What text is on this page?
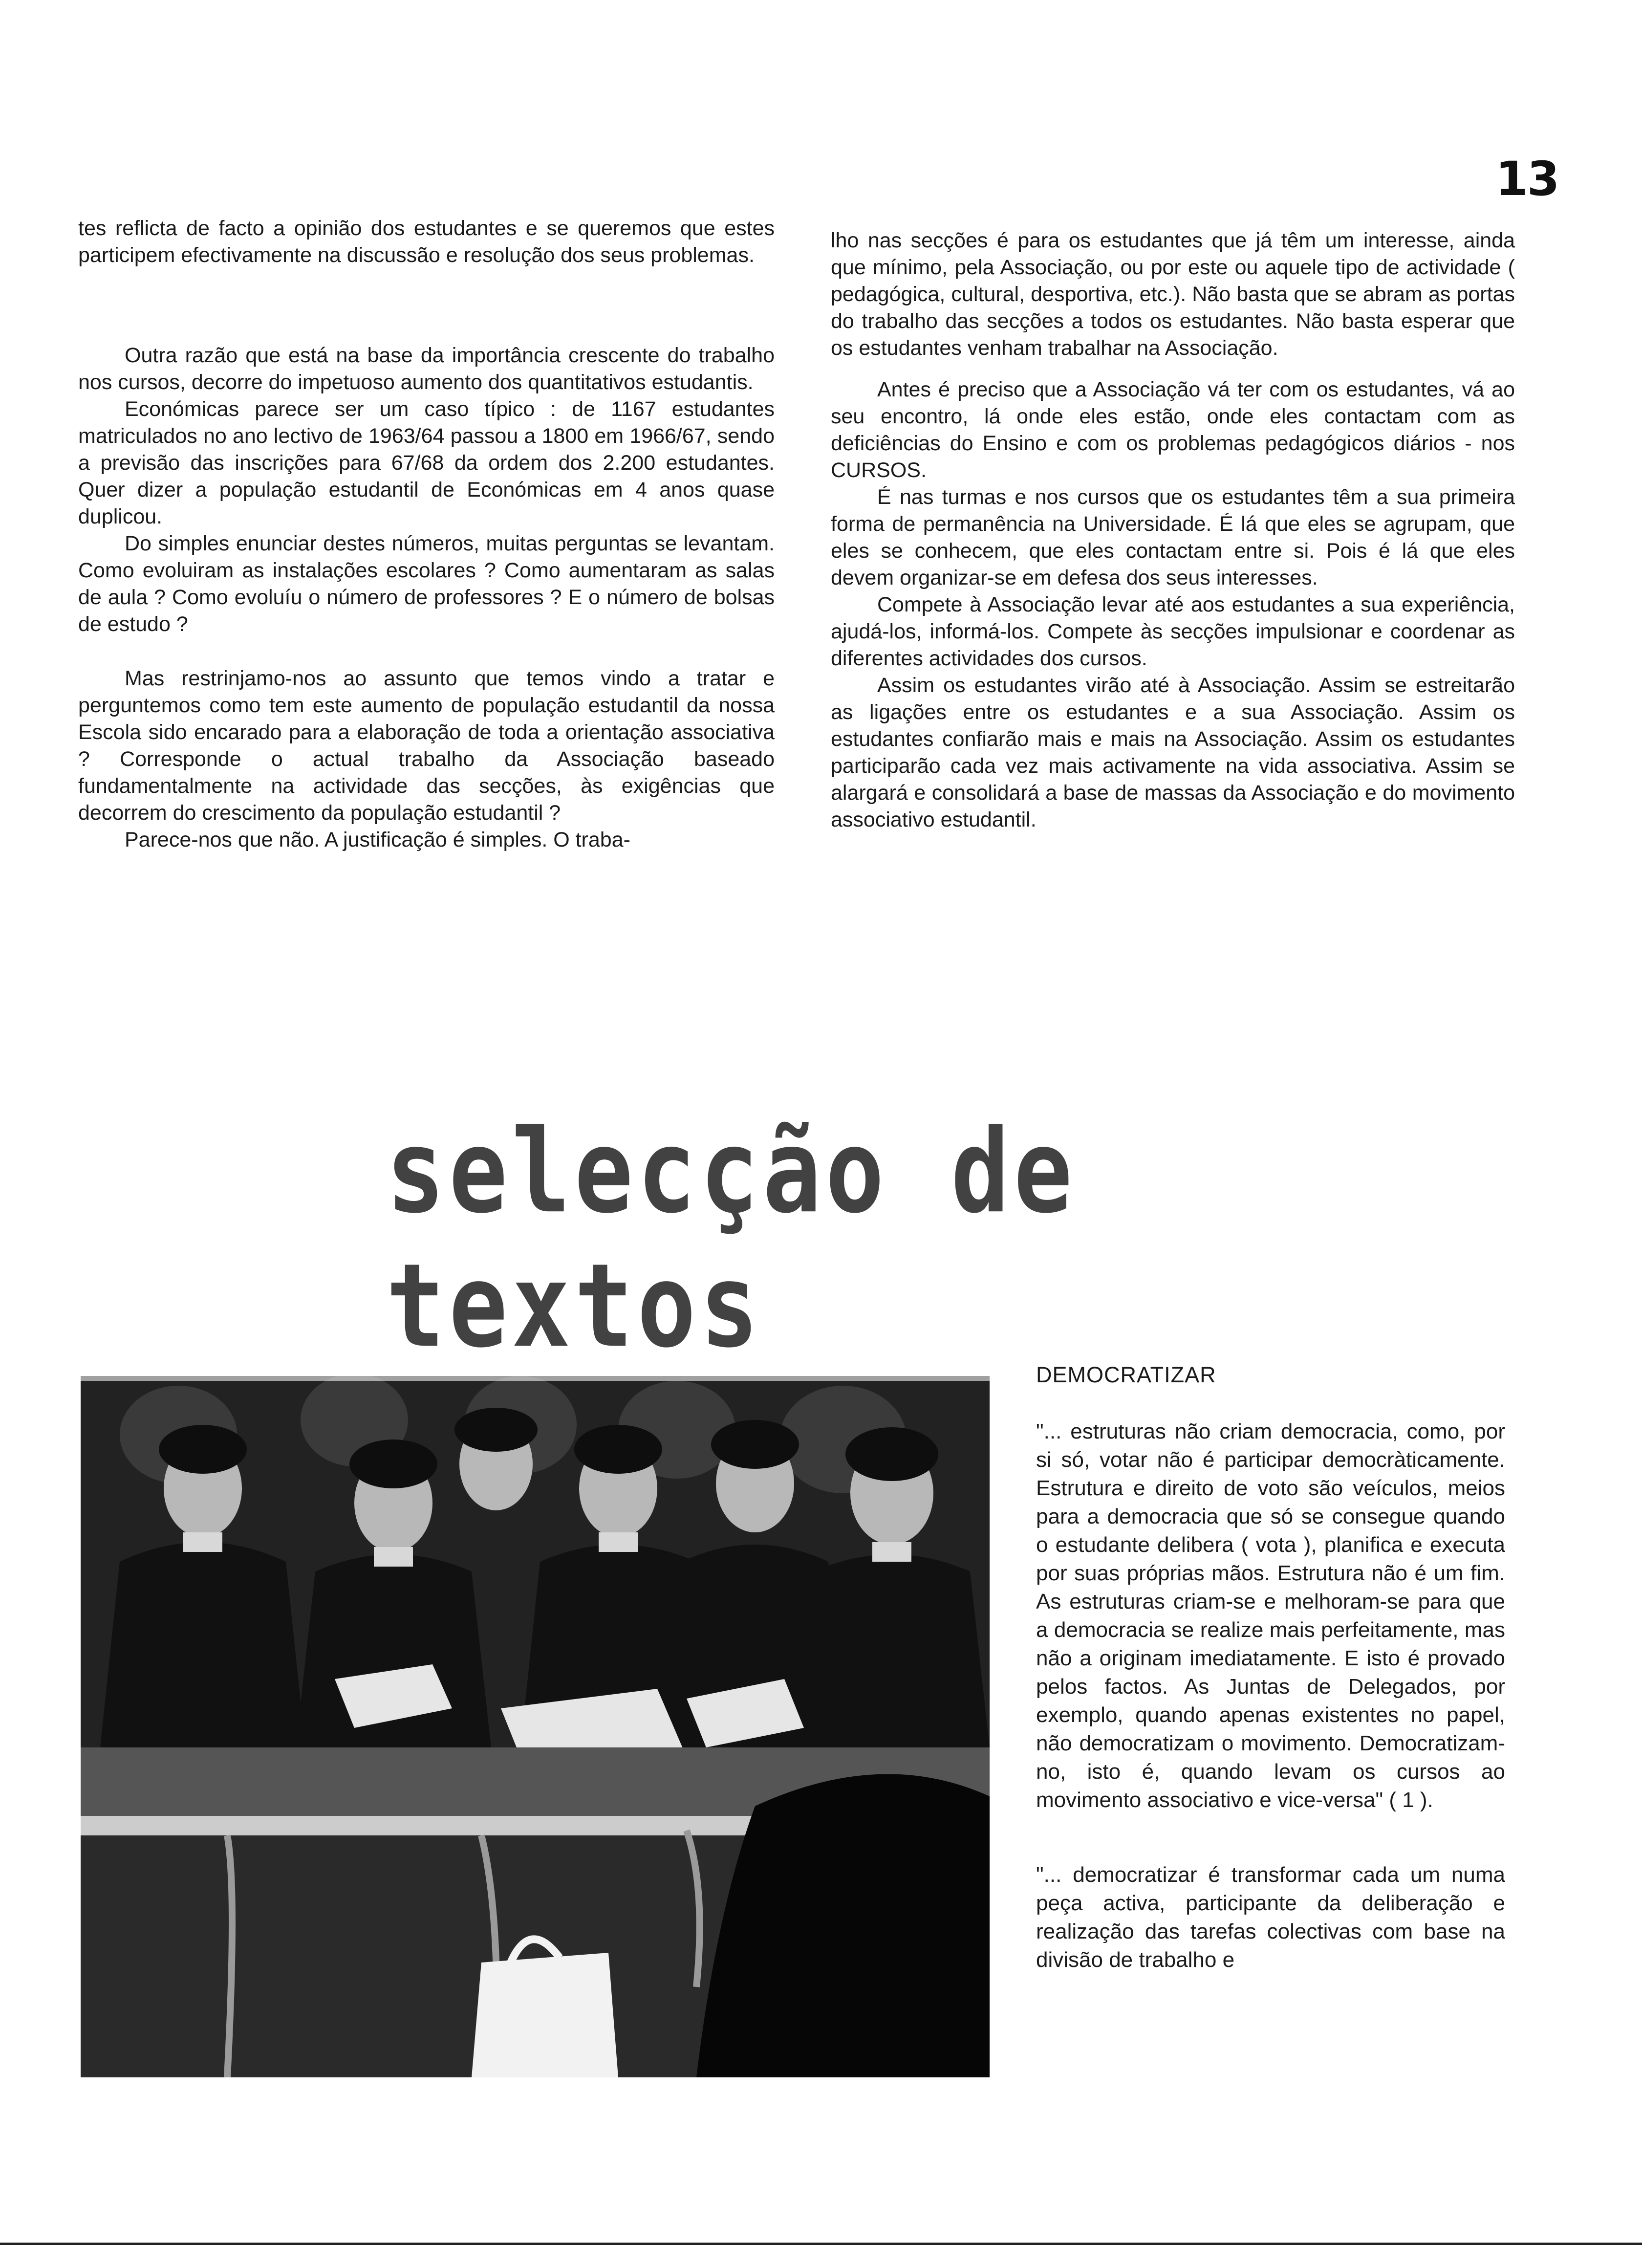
13

tes reflicta de facto a opinião dos estudantes e se queremos que estes participem efectivamente na discussão e resolução dos seus problemas.

Outra razão que está na base da importância crescente do trabalho nos cursos, decorre do impetuoso aumento dos quantitativos estudantis.

Económicas parece ser um caso típico : de 1167 estudantes matriculados no ano lectivo de 1963/64 passou a 1800 em 1966/67, sendo a previsão das inscrições para 67/68 da ordem dos 2.200 estudantes. Quer dizer a população estudantil de Económicas em 4 anos quase duplicou.

Do simples enunciar destes números, muitas perguntas se levantam. Como evoluiram as instalações escolares ? Como aumentaram as salas de aula ? Como evoluíu o número de professores ? E o número de bolsas de estudo ?

Mas restrinjamo-nos ao assunto que temos vindo a tratar e perguntemos como tem este aumento de população estudantil da nossa Escola sido encarado para a elaboração de toda a orientação associativa ? Corresponde o actual trabalho da Associação baseado fundamentalmente na actividade das secções, às exigências que decorrem do crescimento da população estudantil ?

Parece-nos que não. A justificação é simples. O traba-

lho nas secções é para os estudantes que já têm um interesse, ainda que mínimo, pela Associação, ou por este ou aquele tipo de actividade ( pedagógica, cultural, desportiva, etc.). Não basta que se abram as portas do trabalho das secções a todos os estudantes. Não basta esperar que os estudantes venham trabalhar na Associação.

Antes é preciso que a Associação vá ter com os estudantes, vá ao seu encontro, lá onde eles estão, onde eles contactam com as deficiências do Ensino e com os problemas pedagógicos diários - nos CURSOS.

É nas turmas e nos cursos que os estudantes têm a sua primeira forma de permanência na Universidade. É lá que eles se agrupam, que eles se conhecem, que eles contactam entre si. Pois é lá que eles devem organizar-se em defesa dos seus interesses.

Compete à Associação levar até aos estudantes a sua experiência, ajudá-los, informá-los. Compete às secções impulsionar e coordenar as diferentes actividades dos cursos.

Assim os estudantes virão até à Associação. Assim se estreitarão as ligações entre os estudantes e a sua Associação. Assim os estudantes confiarão mais e mais na Associação. Assim os estudantes participarão cada vez mais activamente na vida associativa. Assim se alargará e consolidará a base de massas da Associação e do movimento associativo estudantil.

selecção de textos
DEMOCRATIZAR

"... estruturas não criam democracia, como, por si só, votar não é participar democràticamente. Estrutura e direito de voto são veículos, meios para a democracia que só se consegue quando o estudante delibera ( vota ), planifica e executa por suas próprias mãos. Estrutura não é um fim. As estruturas criam-se e melhoram-se para que a democracia se realize mais perfeitamente, mas não a originam imediatamente. E isto é provado pelos factos. As Juntas de Delegados, por exemplo, quando apenas existentes no papel, não democratizam o movimento. Democratizam-no, isto é, quando levam os cursos ao movimento associativo e vice-versa" ( 1 ).

"... democratizar é transformar cada um numa peça activa, participante da deliberação e realização das tarefas colectivas com base na divisão de trabalho e
